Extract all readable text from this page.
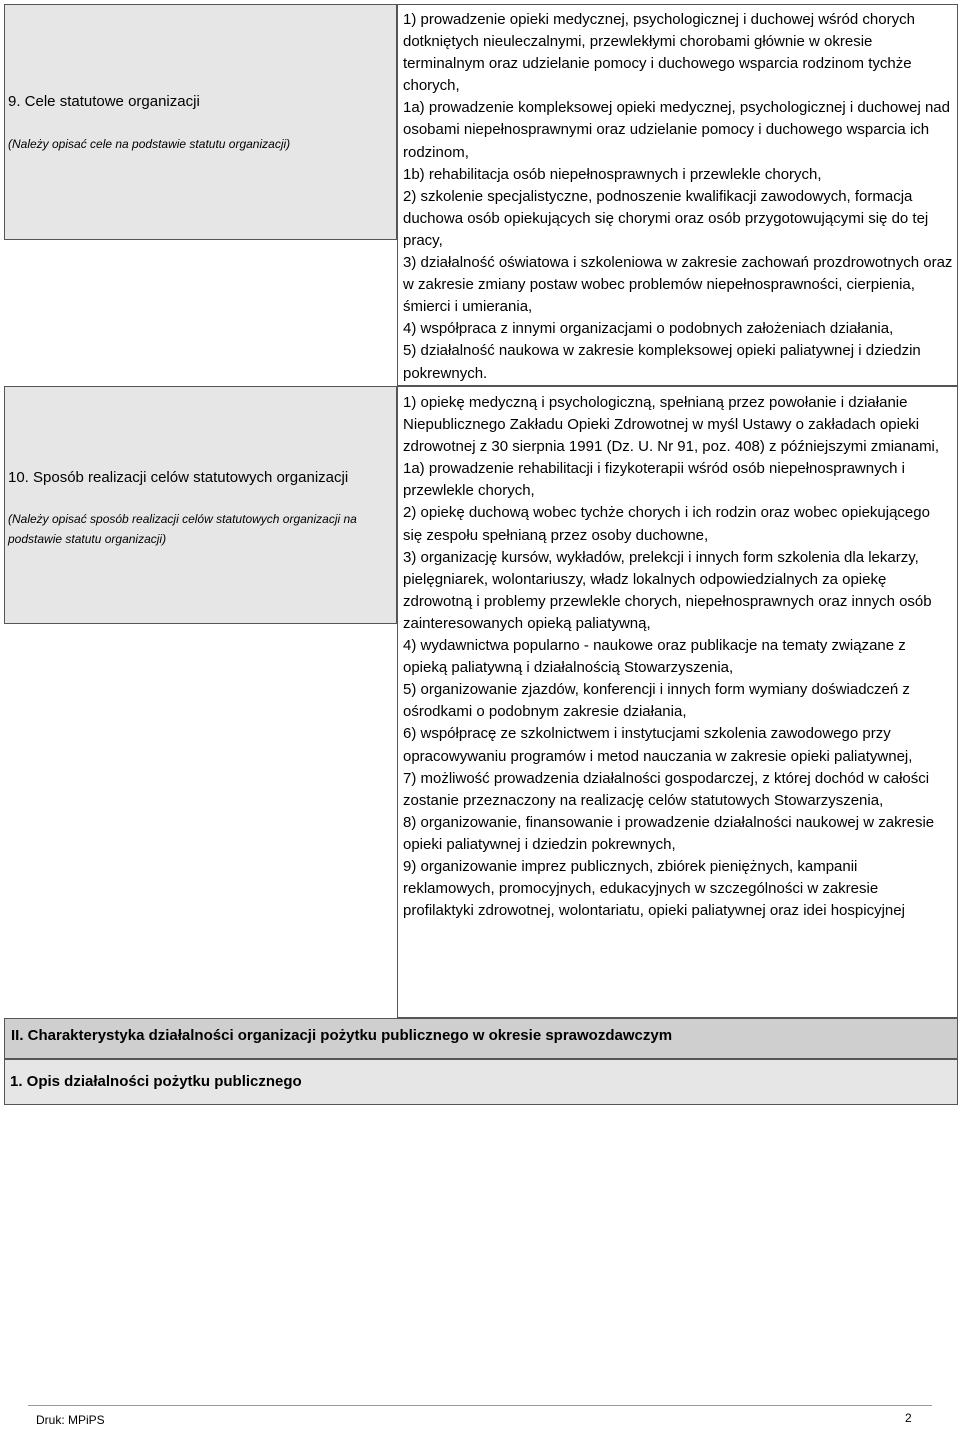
9. Cele statutowe organizacji
(Należy opisać cele na podstawie statutu organizacji)

1) prowadzenie opieki medycznej, psychologicznej i duchowej wśród chorych dotkniętych nieuleczalnymi, przewlekłymi chorobami głównie w okresie terminalnym oraz udzielanie pomocy i duchowego wsparcia rodzinom tychże chorych,

1a) prowadzenie kompleksowej opieki medycznej, psychologicznej i duchowej nad osobami niepełnosprawnymi oraz udzielanie pomocy i duchowego wsparcia ich rodzinom,

1b) rehabilitacja osób niepełnosprawnych i przewlekle chorych,

2) szkolenie specjalistyczne, podnoszenie kwalifikacji zawodowych, formacja duchowa osób opiekujących się chorymi oraz osób przygotowującymi się do tej pracy,

3) działalność oświatowa i szkoleniowa w zakresie zachowań prozdrowotnych oraz w zakresie zmiany postaw wobec problemów niepełnosprawności, cierpienia, śmierci i umierania,

4) współpraca z innymi organizacjami o podobnych założeniach działania,

5) działalność naukowa w zakresie kompleksowej opieki paliatywnej i dziedzin pokrewnych.

10. Sposób realizacji celów statutowych organizacji
(Należy opisać sposób realizacji celów statutowych organizacji na podstawie statutu organizacji)

1) opiekę medyczną i psychologiczną, spełnianą przez powołanie i działanie Niepublicznego Zakładu Opieki Zdrowotnej w myśl Ustawy o zakładach opieki zdrowotnej z 30 sierpnia 1991 (Dz. U. Nr 91, poz. 408) z późniejszymi zmianami,

1a) prowadzenie rehabilitacji i fizykoterapii wśród osób niepełnosprawnych i przewlekle chorych,

2) opiekę duchową wobec tychże chorych i ich rodzin oraz wobec opiekującego się zespołu spełnianą przez osoby duchowne,

3) organizację kursów, wykładów, prelekcji i innych form szkolenia dla lekarzy, pielęgniarek, wolontariuszy, władz lokalnych odpowiedzialnych za opiekę zdrowotną i problemy przewlekle chorych, niepełnosprawnych oraz innych osób zainteresowanych opieką paliatywną,

4) wydawnictwa popularno - naukowe oraz publikacje na tematy związane z opieką paliatywną i działalnością Stowarzyszenia,

5) organizowanie zjazdów, konferencji i innych form wymiany doświadczeń z ośrodkami o podobnym zakresie działania,

6) współpracę ze szkolnictwem i instytucjami szkolenia zawodowego przy opracowywaniu programów i metod nauczania w zakresie opieki paliatywnej,

7) możliwość prowadzenia działalności gospodarczej, z której dochód w całości zostanie przeznaczony na realizację celów statutowych Stowarzyszenia,

8) organizowanie, finansowanie i prowadzenie działalności naukowej w zakresie opieki paliatywnej i dziedzin pokrewnych,

9) organizowanie imprez publicznych, zbiórek pieniężnych, kampanii reklamowych, promocyjnych, edukacyjnych w szczególności w zakresie profilaktyki zdrowotnej, wolontariatu, opieki paliatywnej oraz idei hospicyjnej

II. Charakterystyka działalności organizacji pożytku publicznego w okresie sprawozdawczym
1. Opis działalności pożytku publicznego
Druk: MPiPS	2
